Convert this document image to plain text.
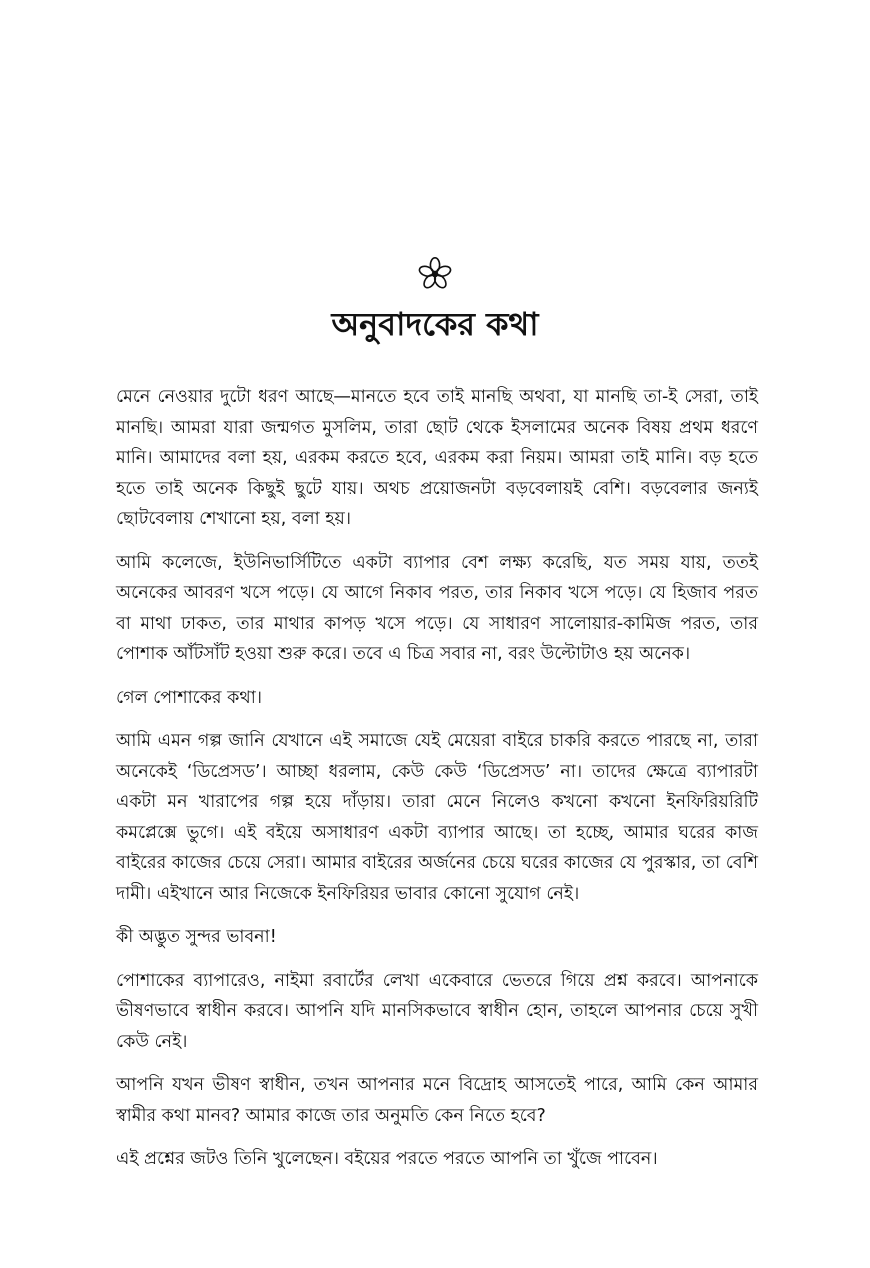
অনুবাদকের কথা

মেনে নেওয়ার দুটো ধরণ আছে—মানতে হবে তাই মানছি অথবা, যা মানছি তা-ই সেরা, তাই মানছি। আমরা যারা জন্মগত মুসলিম, তারা ছোট থেকে ইসলামের অনেক বিষয় প্রথম ধরণে মানি। আমাদের বলা হয়, এরকম করতে হবে, এরকম করা নিয়ম। আমরা তাই মানি। বড় হতে হতে তাই অনেক কিছুই ছুটে যায়। অথচ প্রয়োজনটা বড়বেলায়ই বেশি। বড়বেলার জন্যই ছোটবেলায় শেখানো হয়, বলা হয়।

আমি কলেজে, ইউনিভার্সিটিতে একটা ব্যাপার বেশ লক্ষ্য করেছি, যত সময় যায়, ততই অনেকের আবরণ খসে পড়ে। যে আগে নিকাব পরত, তার নিকাব খসে পড়ে। যে হিজাব পরত বা মাথা ঢাকত, তার মাথার কাপড় খসে পড়ে। যে সাধারণ সালোয়ার-কামিজ পরত, তার পোশাক আঁটসাঁট হওয়া শুরু করে। তবে এ চিত্র সবার না, বরং উল্টোটাও হয় অনেক।

গেল পোশাকের কথা।

আমি এমন গল্প জানি যেখানে এই সমাজে যেই মেয়েরা বাইরে চাকরি করতে পারছে না, তারা অনেকেই ‘ডিপ্রেসড’। আচ্ছা ধরলাম, কেউ কেউ ‘ডিপ্রেসড’ না। তাদের ক্ষেত্রে ব্যাপারটা একটা মন খারাপের গল্প হয়ে দাঁড়ায়। তারা মেনে নিলেও কখনো কখনো ইনফিরিয়রিটি কমপ্লেক্সে ভুগে। এই বইয়ে অসাধারণ একটা ব্যাপার আছে। তা হচ্ছে, আমার ঘরের কাজ বাইরের কাজের চেয়ে সেরা। আমার বাইরের অর্জনের চেয়ে ঘরের কাজের যে পুরস্কার, তা বেশি দামী। এইখানে আর নিজেকে ইনফিরিয়র ভাবার কোনো সুযোগ নেই।

কী অদ্ভুত সুন্দর ভাবনা!

পোশাকের ব্যাপারেও, নাইমা রবার্টের লেখা একেবারে ভেতরে গিয়ে প্রশ্ন করবে। আপনাকে ভীষণভাবে স্বাধীন করবে। আপনি যদি মানসিকভাবে স্বাধীন হোন, তাহলে আপনার চেয়ে সুখী কেউ নেই।

আপনি যখন ভীষণ স্বাধীন, তখন আপনার মনে বিদ্রোহ আসতেই পারে, আমি কেন আমার স্বামীর কথা মানব? আমার কাজে তার অনুমতি কেন নিতে হবে?

এই প্রশ্নের জটও তিনি খুলেছেন। বইয়ের পরতে পরতে আপনি তা খুঁজে পাবেন।
